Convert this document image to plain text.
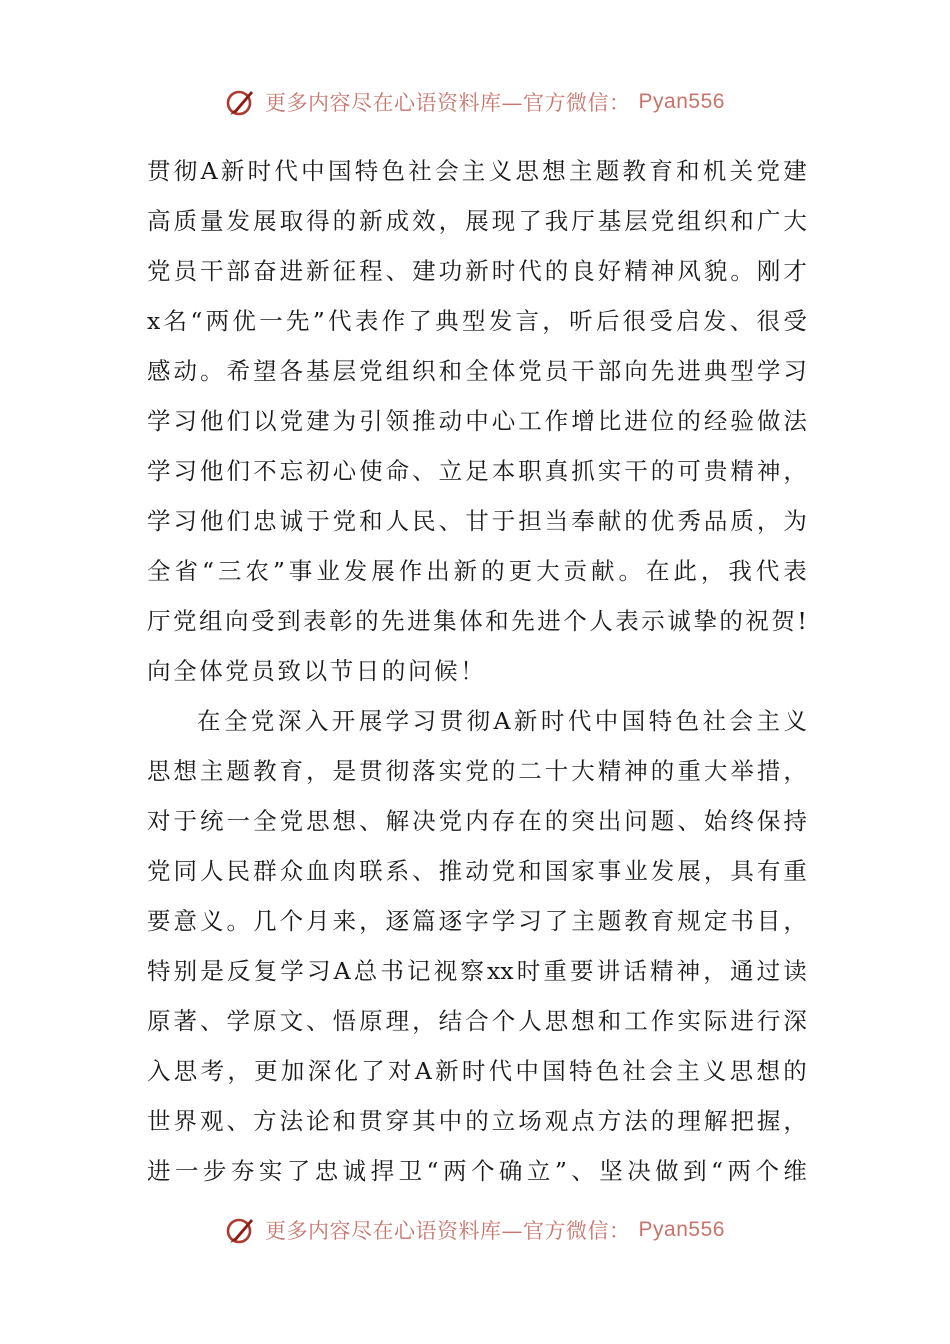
更多内容尽在心语资料库—官方微信： Pyan556
贯 彻 A 新 时 代 中 国 特 色 社 会 主 义 思 想 主 题 教 育 和 机 关 党 建
高 质 量 发 展 取 得 的 新 成 效 ， 展 现 了 我 厅 基 层 党 组 织 和 广 大
党 员 干 部 奋 进 新 征 程 、 建 功 新 时 代 的 良 好 精 神 风 貌 。 刚 才
x 名 “ 两 优 一 先 ” 代 表 作 了 典 型 发 言 ， 听 后 很 受 启 发 、 很 受
感 动 。 希 望 各 基 层 党 组 织 和 全 体 党 员 干 部 向 先 进 典 型 学 习
学 习 他 们 以 党 建 为 引 领 推 动 中 心 工 作 增 比 进 位 的 经 验 做 法
学 习 他 们 不 忘 初 心 使 命 、 立 足 本 职 真 抓 实 干 的 可 贵 精 神 ，
学 习 他 们 忠 诚 于 党 和 人 民 、 甘 于 担 当 奉 献 的 优 秀 品 质 ， 为
全 省 “ 三 农 ” 事 业 发 展 作 出 新 的 更 大 贡 献 。 在 此 ， 我 代 表
厅 党 组 向 受 到 表 彰 的 先 进 集 体 和 先 进 个 人 表 示 诚 挚 的 祝 贺 !
向全体党员致以节日的问候！
在 全 党 深 入 开 展 学 习 贯 彻 A 新 时 代 中 国 特 色 社 会 主 义
思 想 主 题 教 育 ， 是 贯 彻 落 实 党 的 二 十 大 精 神 的 重 大 举 措 ，
对 于 统 一 全 党 思 想 、 解 决 党 内 存 在 的 突 出 问 题 、 始 终 保 持
党 同 人 民 群 众 血 肉 联 系 、 推 动 党 和 国 家 事 业 发 展 ， 具 有 重
要 意 义 。 几 个 月 来 ， 逐 篇 逐 字 学 习 了 主 题 教 育 规 定 书 目 ，
特 别 是 反 复 学 习 A 总 书 记 视 察 xx 时 重 要 讲 话 精 神 ， 通 过 读
原 著 、 学 原 文 、 悟 原 理 ， 结 合 个 人 思 想 和 工 作 实 际 进 行 深
入 思 考 ， 更 加 深 化 了 对 A 新 时 代 中 国 特 色 社 会 主 义 思 想 的
世 界 观 、 方 法 论 和 贯 穿 其 中 的 立 场 观 点 方 法 的 理 解 把 握 ，
进 一 步 夯 实 了 忠 诚 捍 卫 “ 两 个 确 立 ” 、 坚 决 做 到 “ 两 个 维
更多内容尽在心语资料库—官方微信： Pyan556
